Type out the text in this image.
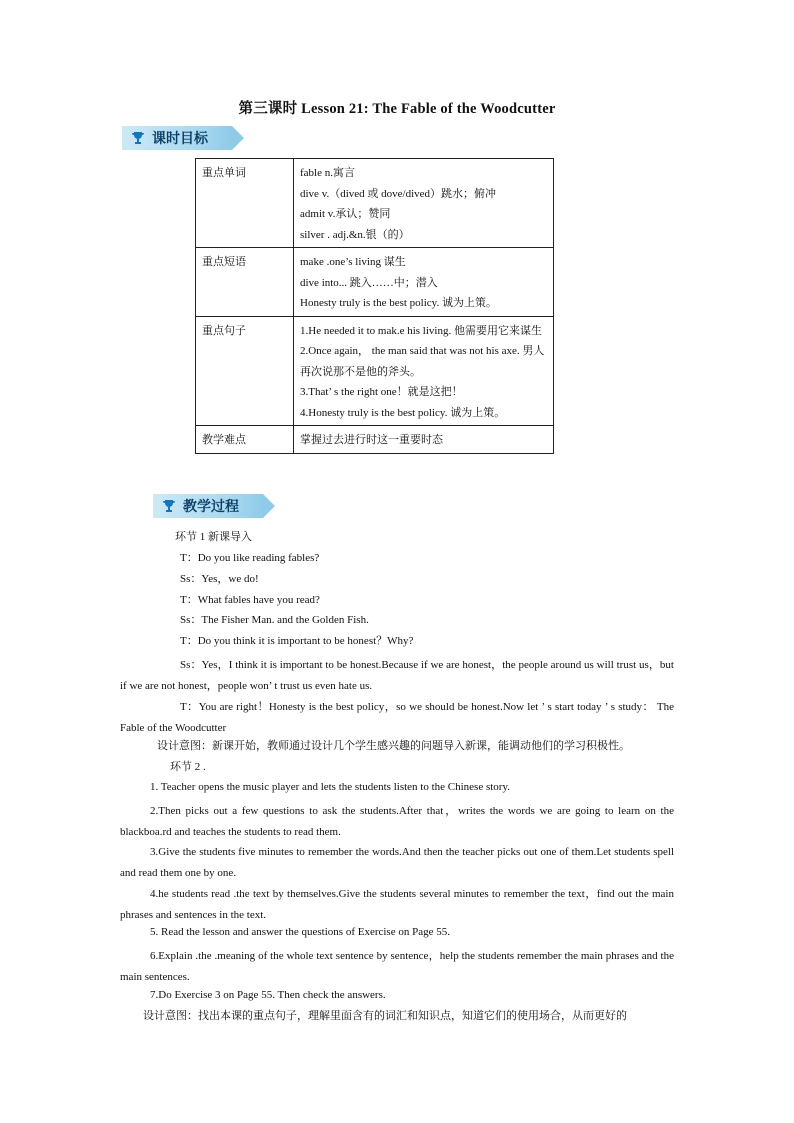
第三课时 Lesson 21: The Fable of the Woodcutter
课时目标
重点单词	fable n.寓言
dive v.（dived 或 dove/dived）跳水；俯冲
admit v.承认；赞同
silver . adj.&n.银（的）

重点短语	make .one’s living 谋生
dive into... 跳入……中；潜入
Honesty truly is the best policy. 诚为上策。

重点句子	1.He needed it to mak.e his living. 他需要用它来谋生
2.Once again， the man said that was not his axe. 男人再次说那不是他的斧头。
3.That’ s the right one！就是这把！
4.Honesty truly is the best policy. 诚为上策。

教学难点	掌握过去进行时这一重要时态
教学过程
环节 1 新课导入
T：Do you like reading fables?
Ss：Yes，we do!
T：What fables have you read?
Ss：The Fisher Man. and the Golden Fish.
T：Do you think it is important to be honest？Why?
Ss：Yes，I think it is important to be honest.Because if we are honest，the people around us will trust us，but if we are not honest，people won’ t trust us even hate us.
T：You are right！Honesty is the best policy，so we should be honest.Now let ’ s start today ’ s study： The Fable of the Woodcutter
设计意图：新课开始，教师通过设计几个学生感兴趣的问题导入新课，能调动他们的学习积极性。
环节 2 .
1. Teacher opens the music player and lets the students listen to the Chinese story.
2.Then picks out a few questions to ask the students.After that，writes the words we are going to learn on the blackboa.rd and teaches the students to read them.
3.Give the students five minutes to remember the words.And then the teacher picks out one of them.Let students spell and read them one by one.
4.he students read .the text by themselves.Give the students several minutes to remember the text，find out the main phrases and sentences in the text.
5. Read the lesson and answer the questions of Exercise on Page 55.
6.Explain .the .meaning of the whole text sentence by sentence，help the students remember the main phrases and the main sentences.
7.Do Exercise 3 on Page 55. Then check the answers.
设计意图：找出本课的重点句子，理解里面含有的词汇和知识点，知道它们的使用场合，从而更好的
